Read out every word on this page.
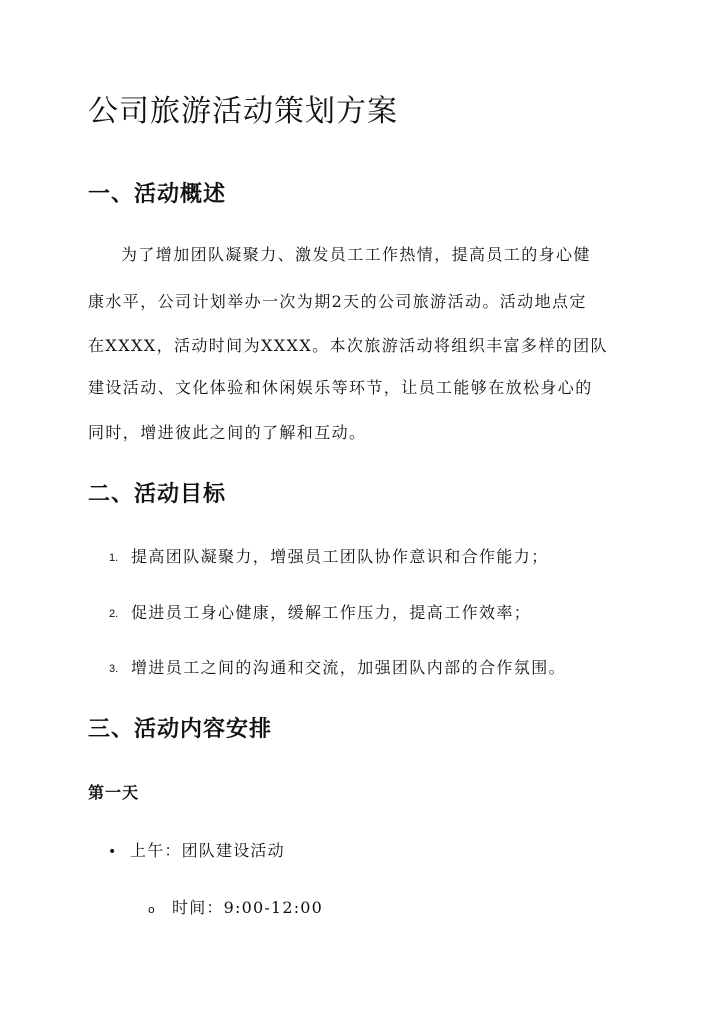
公司旅游活动策划方案
一、活动概述
为了增加团队凝聚力、激发员工工作热情，提高员工的身心健
康水平，公司计划举办一次为期2天的公司旅游活动。活动地点定
在XXXX，活动时间为XXXX。本次旅游活动将组织丰富多样的团队
建设活动、文化体验和休闲娱乐等环节，让员工能够在放松身心的
同时，增进彼此之间的了解和互动。
二、活动目标
1. 提高团队凝聚力，增强员工团队协作意识和合作能力；
2. 促进员工身心健康，缓解工作压力，提高工作效率；
3. 增进员工之间的沟通和交流，加强团队内部的合作氛围。
三、活动内容安排
第一天
• 上午：团队建设活动
o 时间：9:00-12:00
